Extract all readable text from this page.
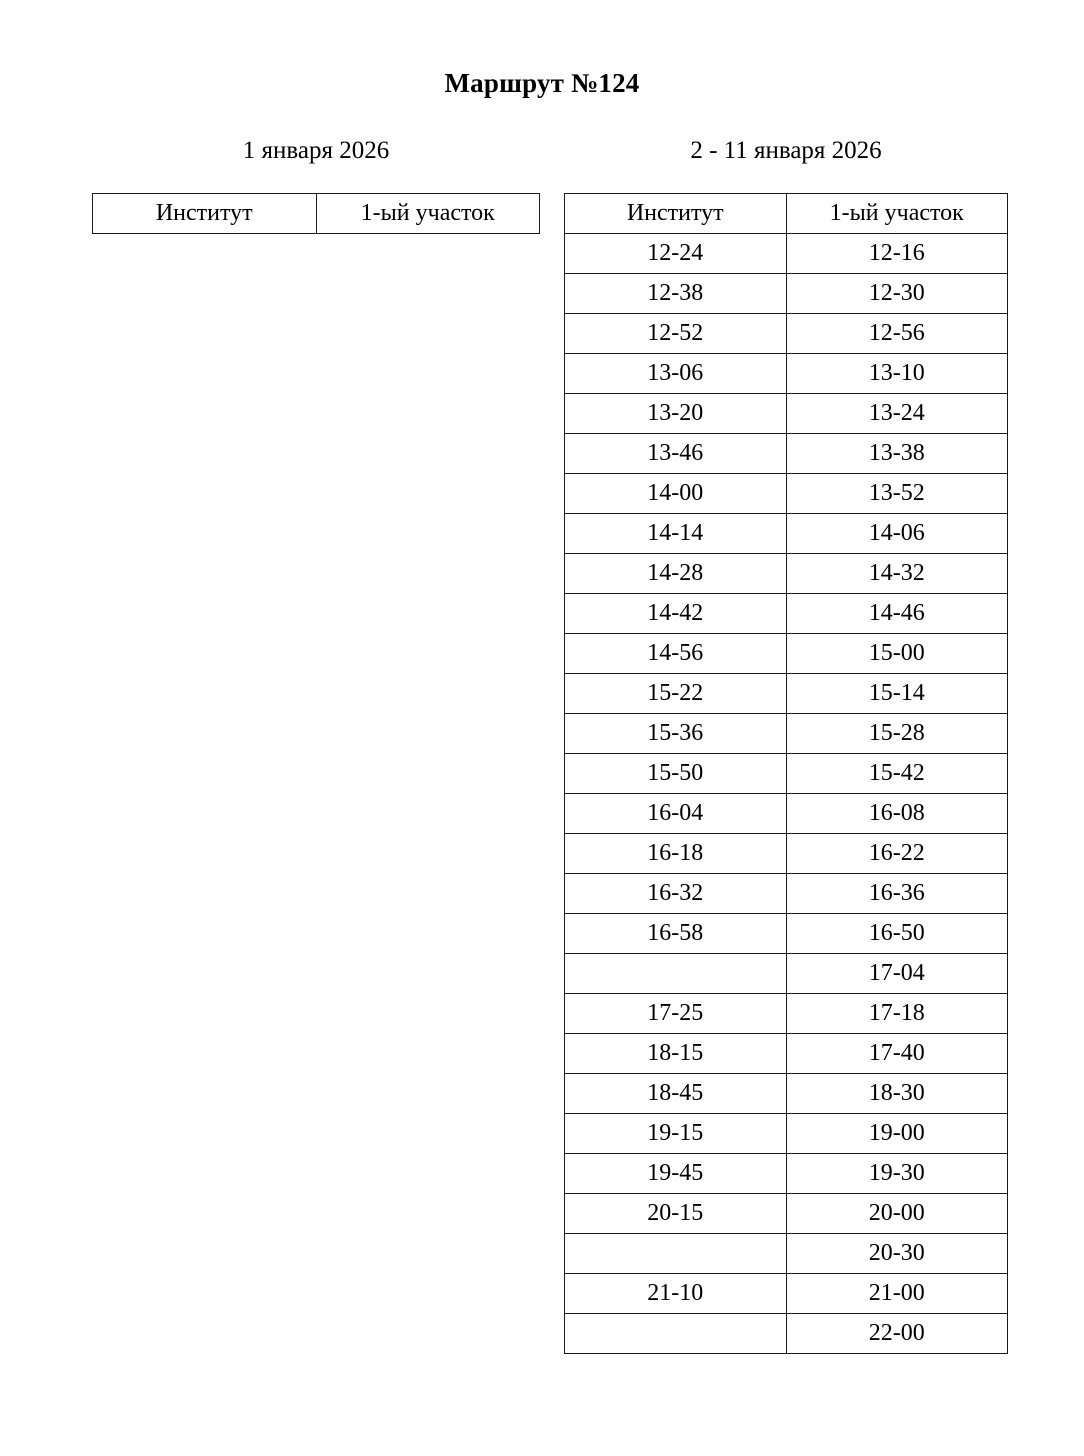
Маршрут №124
1 января 2026
Институт	1-ый участок
2 - 11 января 2026
Институт	1-ый участок
12-24	12-16
12-38	12-30
12-52	12-56
13-06	13-10
13-20	13-24
13-46	13-38
14-00	13-52
14-14	14-06
14-28	14-32
14-42	14-46
14-56	15-00
15-22	15-14
15-36	15-28
15-50	15-42
16-04	16-08
16-18	16-22
16-32	16-36
16-58	16-50
	17-04
17-25	17-18
18-15	17-40
18-45	18-30
19-15	19-00
19-45	19-30
20-15	20-00
	20-30
21-10	21-00
	22-00
